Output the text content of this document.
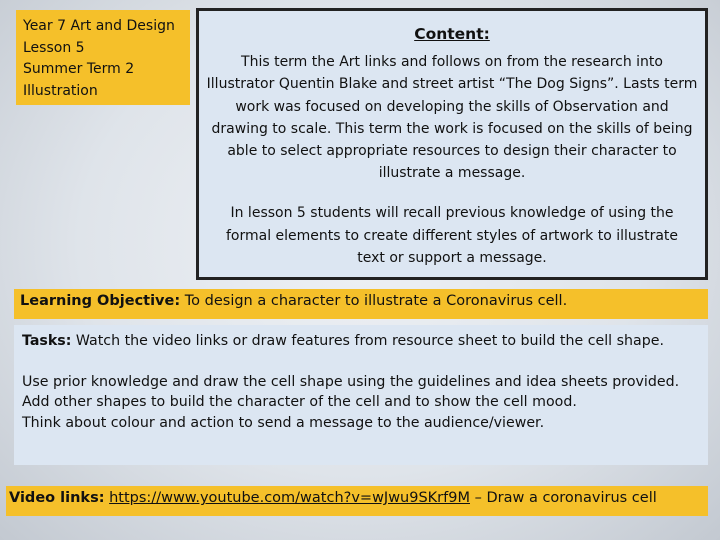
Year 7 Art and Design
Lesson 5
Summer Term 2
Illustration
Content:

This term the Art links and follows on from the research into Illustrator Quentin Blake and street artist “The Dog Signs”. Lasts term work was focused on developing the skills of Observation and drawing to scale. This term the work is focused on the skills of being able to select appropriate resources to design their character to illustrate a message.

In lesson 5 students will recall previous knowledge of using the formal elements to create different styles of artwork to illustrate text or support a message.

Learning Objective: To design a character to illustrate a Coronavirus cell.
Tasks: Watch the video links or draw features from resource sheet to build the cell shape.
Use prior knowledge and draw the cell shape using the guidelines and idea sheets provided.
Add other shapes to build the character of the cell and to show the cell mood.
Think about colour and action to send a message to the audience/viewer.
Video links: https://www.youtube.com/watch?v=wJwu9SKrf9M – Draw a coronavirus cell
